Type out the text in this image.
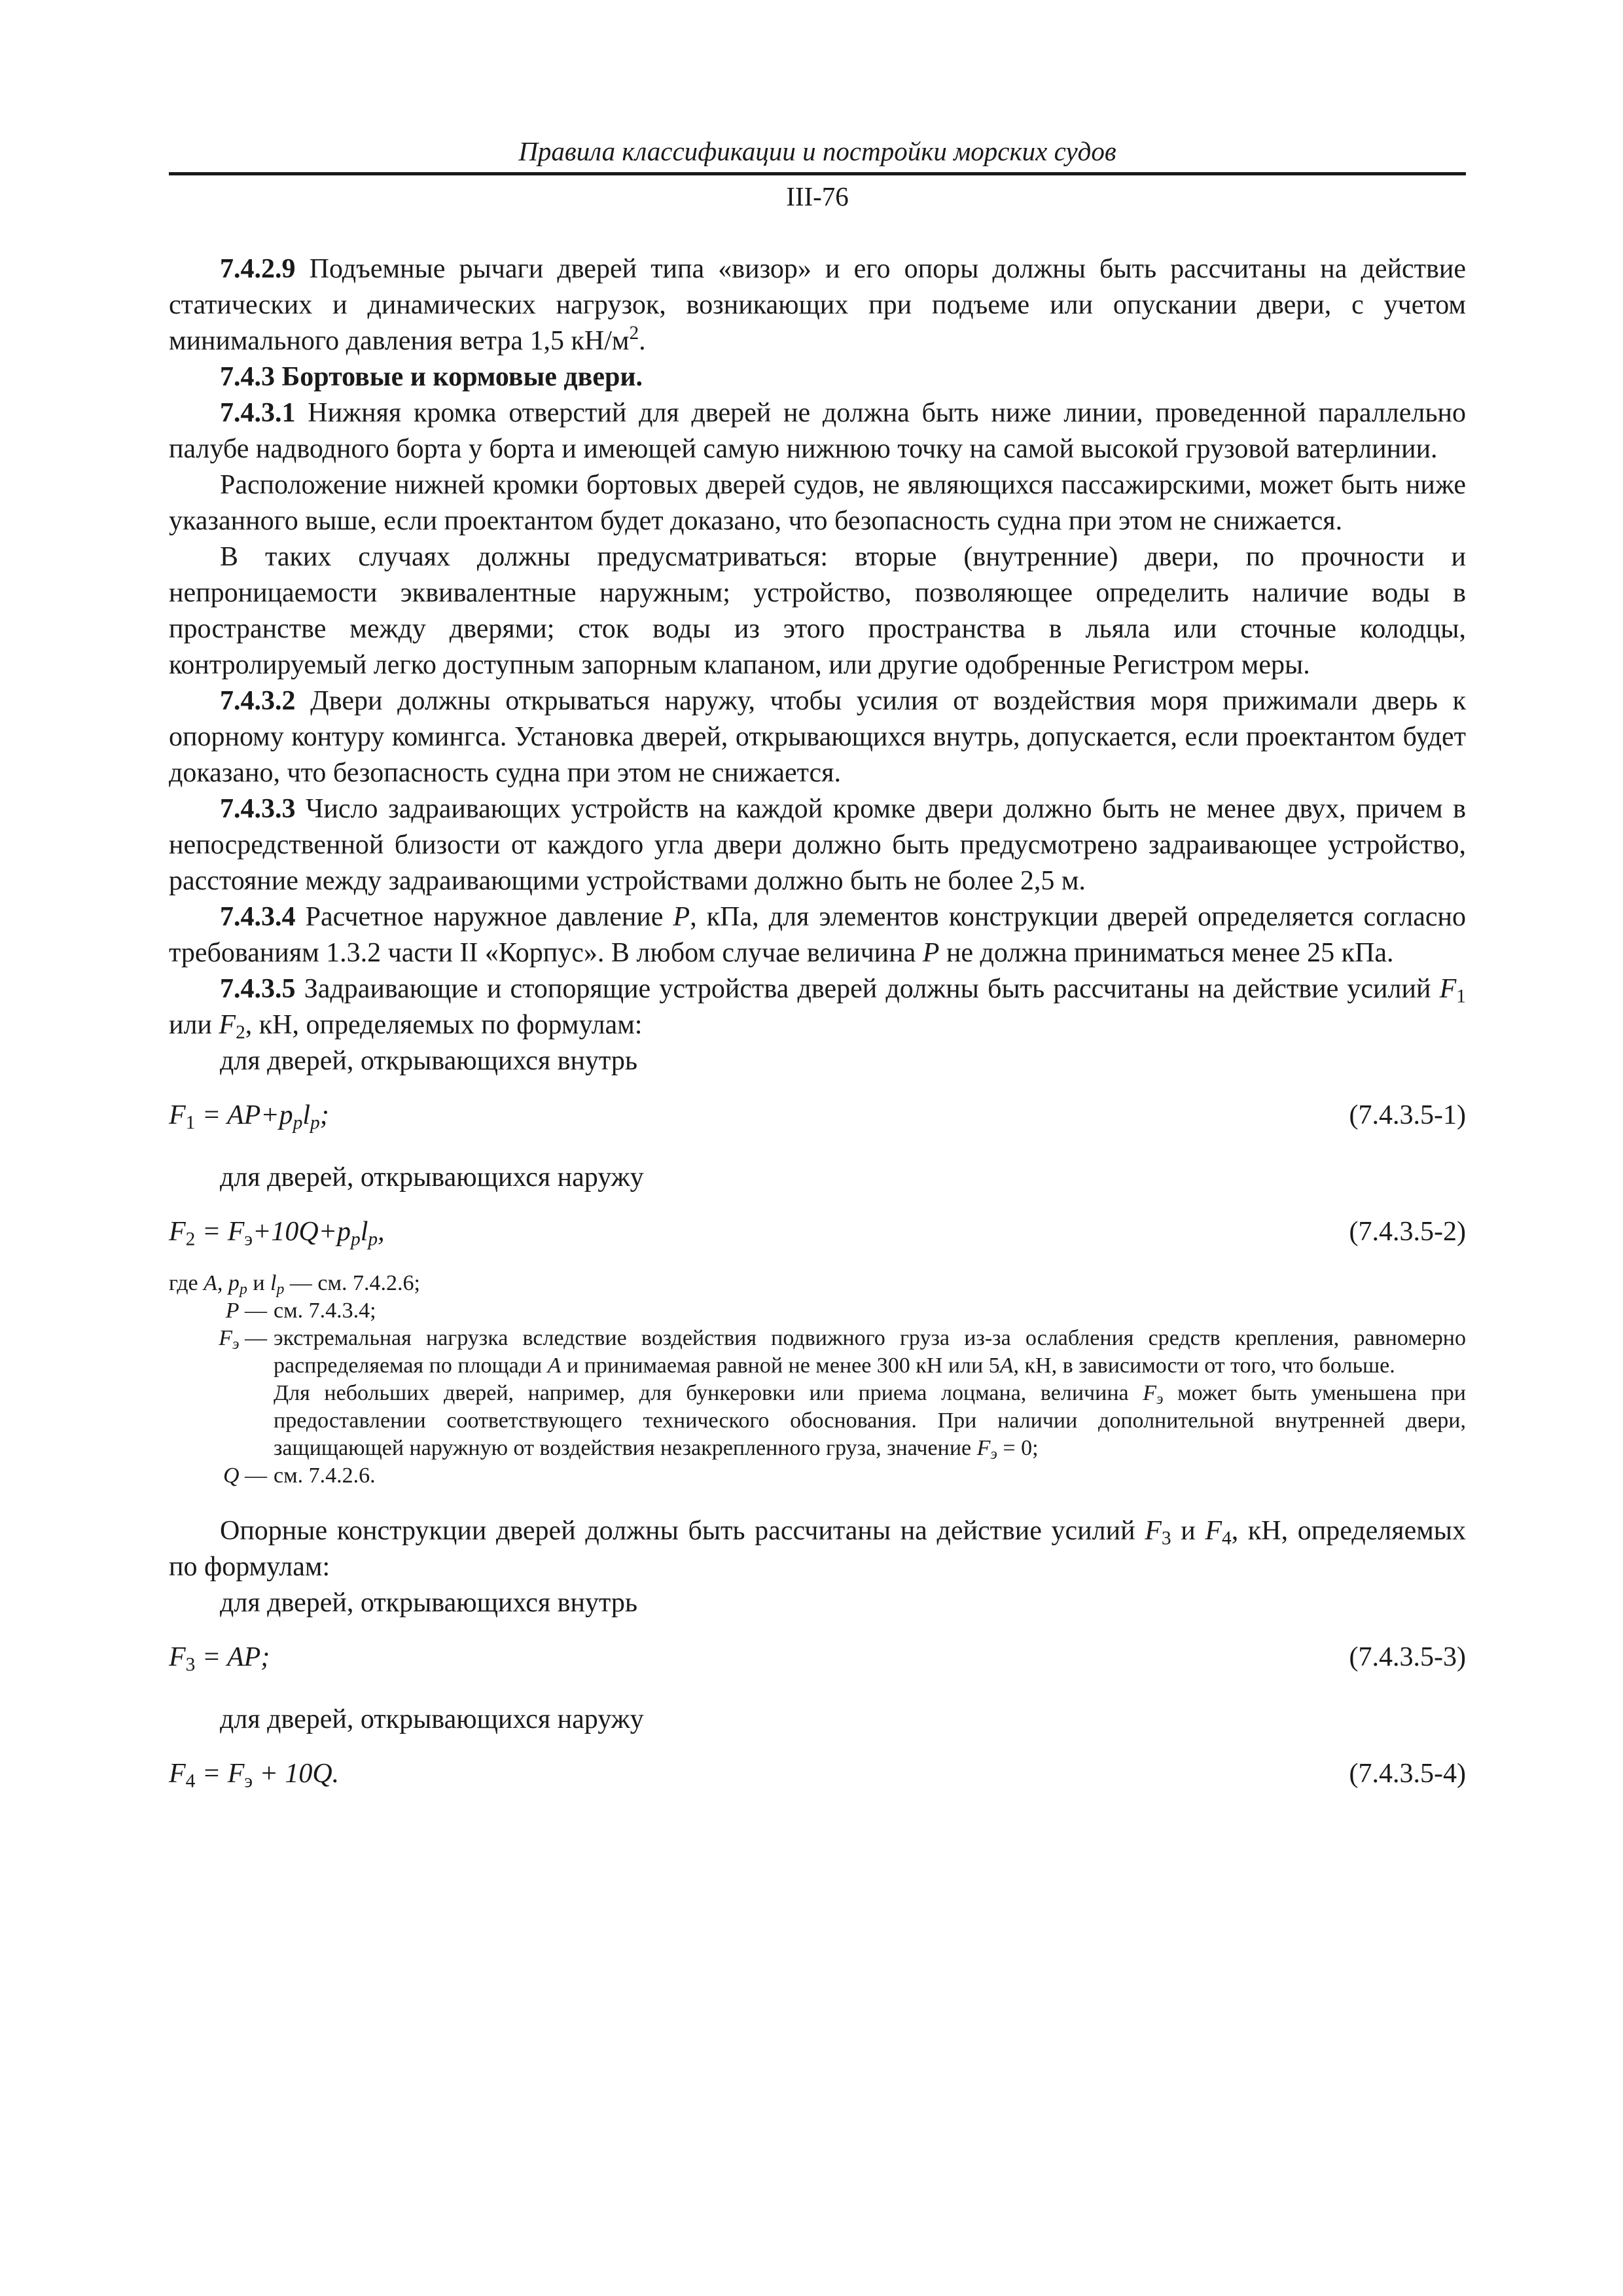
Правила классификации и постройки морских судов
III-76

7.4.2.9 Подъемные рычаги дверей типа «визор» и его опоры должны быть рассчитаны на действие статических и динамических нагрузок, возникающих при подъеме или опускании двери, с учетом минимального давления ветра 1,5 $кН/м^2$.

7.4.3 Бортовые и кормовые двери.

7.4.3.1 Нижняя кромка отверстий для дверей не должна быть ниже линии, проведенной параллельно палубе надводного борта у борта и имеющей самую нижнюю точку на самой высокой грузовой ватерлинии.

Расположение нижней кромки бортовых дверей судов, не являющихся пассажирскими, может быть ниже указанного выше, если проектантом будет доказано, что безопасность судна при этом не снижается.

В таких случаях должны предусматриваться: вторые (внутренние) двери, по прочности и непроницаемости эквивалентные наружным; устройство, позволяющее определить наличие воды в пространстве между дверями; сток воды из этого пространства в льяла или сточные колодцы, контролируемый легко доступным запорным клапаном, или другие одобренные Регистром меры.

7.4.3.2 Двери должны открываться наружу, чтобы усилия от воздействия моря прижимали дверь к опорному контуру комингса. Установка дверей, открывающихся внутрь, допускается, если проектантом будет доказано, что безопасность судна при этом не снижается.

7.4.3.3 Число задраивающих устройств на каждой кромке двери должно быть не менее двух, причем в непосредственной близости от каждого угла двери должно быть предусмотрено задраивающее устройство, расстояние между задраивающими устройствами должно быть не более 2,5 м.

7.4.3.4 Расчетное наружное давление P, кПа, для элементов конструкции дверей определяется согласно требованиям 1.3.2 части II «Корпус». В любом случае величина P не должна приниматься менее 25 кПа.

7.4.3.5 Задраивающие и стопорящие устройства дверей должны быть рассчитаны на действие усилий $F_1$ или $F_2$, кН, определяемых по формулам:

для дверей, открывающихся внутрь

$F_1 = AP+p_pl_p$;	(7.4.3.5-1)

для дверей, открывающихся наружу

$F_2 = F_э+10Q+p_pl_p$,	(7.4.3.5-2)
где A, $p_p$ и $l_p$ — см. 7.4.2.6;
P — см. 7.4.3.4;
$F_э$ — экстремальная нагрузка вследствие воздействия подвижного груза из-за ослабления средств крепления, равномерно распределяемая по площади A и принимаемая равной не менее 300 кН или 5A, кН, в зависимости от того, что больше.
Для небольших дверей, например, для бункеровки или приема лоцмана, величина $F_э$ может быть уменьшена при предоставлении соответствующего технического обоснования. При наличии дополнительной внутренней двери, защищающей наружную от воздействия незакрепленного груза, значение $F_э = 0$;
Q — см. 7.4.2.6.

Опорные конструкции дверей должны быть рассчитаны на действие усилий $F_3$ и $F_4$, кН, определяемых по формулам:

для дверей, открывающихся внутрь

$F_3$ = AP;	(7.4.3.5-3)

для дверей, открывающихся наружу

$F_4 = F_э + 10Q$.	(7.4.3.5-4)
